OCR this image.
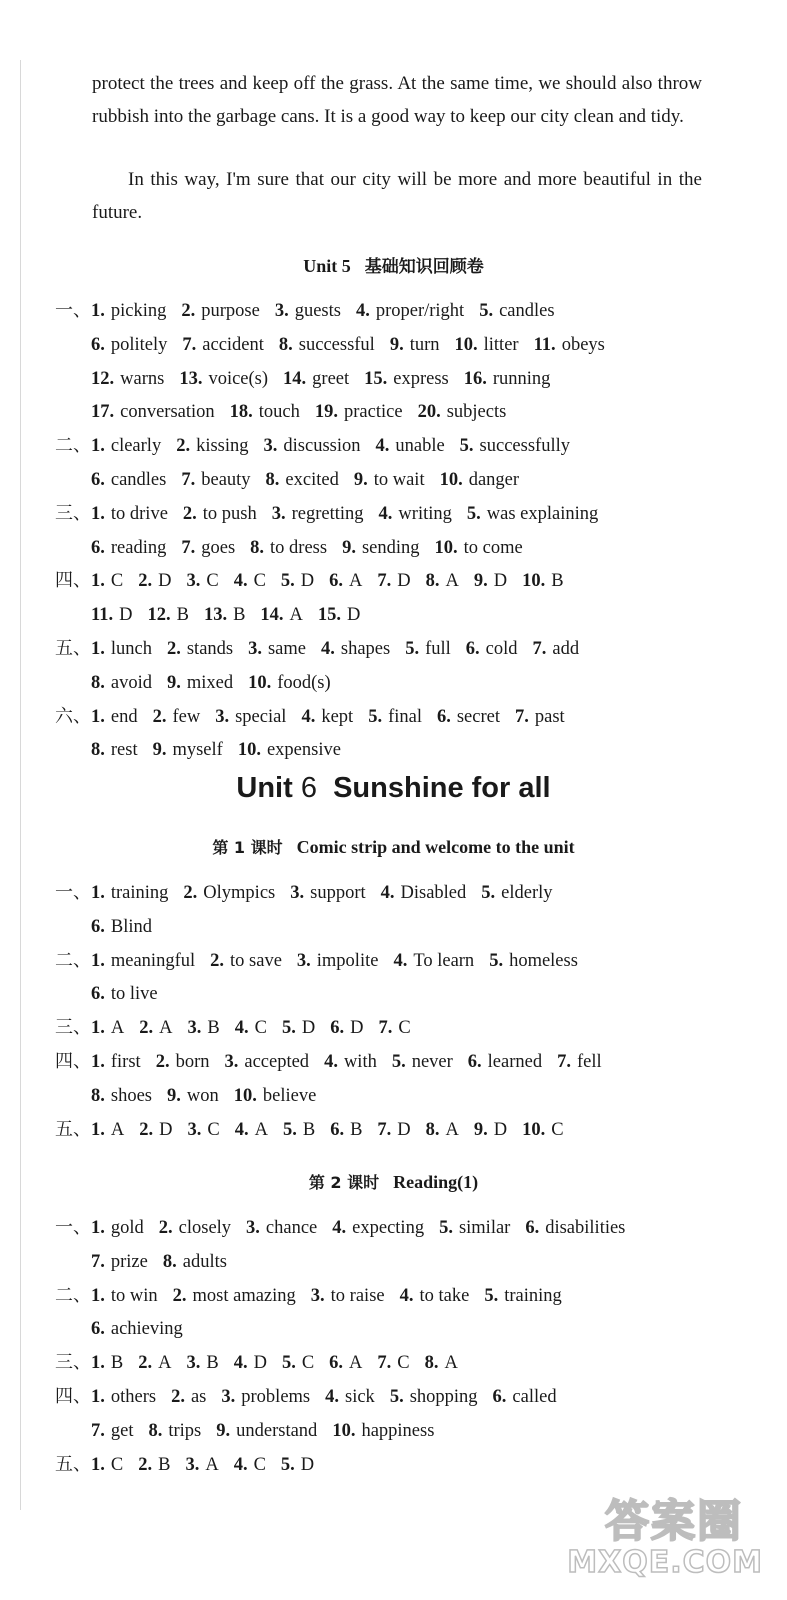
protect the trees and keep off the grass. At the same time, we should also throw rubbish into the garbage cans. It is a good way to keep our city clean and tidy.
In this way, I'm sure that our city will be more and more beautiful in the future.
Unit 5 基础知识回顾卷
一、1. picking 2. purpose 3. guests 4. proper/right 5. candles
6. politely 7. accident 8. successful 9. turn 10. litter 11. obeys
12. warns 13. voice(s) 14. greet 15. express 16. running
17. conversation 18. touch 19. practice 20. subjects
二、1. clearly 2. kissing 3. discussion 4. unable 5. successfully
6. candles 7. beauty 8. excited 9. to wait 10. danger
三、1. to drive 2. to push 3. regretting 4. writing 5. was explaining
6. reading 7. goes 8. to dress 9. sending 10. to come
四、1. C 2. D 3. C 4. C 5. D 6. A 7. D 8. A 9. D 10. B
11. D 12. B 13. B 14. A 15. D
五、1. lunch 2. stands 3. same 4. shapes 5. full 6. cold 7. add
8. avoid 9. mixed 10. food(s)
六、1. end 2. few 3. special 4. kept 5. final 6. secret 7. past
8. rest 9. myself 10. expensive
Unit 6 Sunshine for all
第 1 课时 Comic strip and welcome to the unit
一、1. training 2. Olympics 3. support 4. Disabled 5. elderly
6. Blind
二、1. meaningful 2. to save 3. impolite 4. To learn 5. homeless
6. to live
三、1. A 2. A 3. B 4. C 5. D 6. D 7. C
四、1. first 2. born 3. accepted 4. with 5. never 6. learned 7. fell
8. shoes 9. won 10. believe
五、1. A 2. D 3. C 4. A 5. B 6. B 7. D 8. A 9. D 10. C
第 2 课时 Reading(1)
一、1. gold 2. closely 3. chance 4. expecting 5. similar 6. disabilities
7. prize 8. adults
二、1. to win 2. most amazing 3. to raise 4. to take 5. training
6. achieving
三、1. B 2. A 3. B 4. D 5. C 6. A 7. C 8. A
四、1. others 2. as 3. problems 4. sick 5. shopping 6. called
7. get 8. trips 9. understand 10. happiness
五、1. C 2. B 3. A 4. C 5. D
答案圈
MXQE.COM
